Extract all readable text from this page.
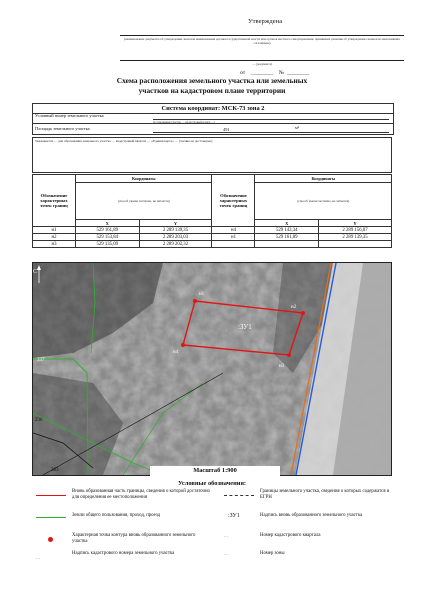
Утверждена
(наименование документа об утверждении, включая наименования органов государственной власти или органов местного самоуправления, принявших решение об утверждении схемы или заключивших соглашение)
… (документа)
от    ________    №  ________
Схема расположения земельного участка или земельных
участков на кадастровом плане территории
Система координат: МСК-73 зона 2
Условный номер земельного участка
(в отношении участка … кадастровый номер …)
Площадь земельного участка	491	м²
Указывается … для образования земельного участка … кадастровый квартал … «Единая карта» … (чтение не достоверно)
Обозначение характерных точек границ	Координаты		Обозначение характерных точек границ	Координаты	
	(способ указан частично, не читается)			(способ указан частично, не читается)	
	X	Y		X	Y
н1	529 161,89	2 289 139,35	н4	529 143,34	2 289 156,07
н2	529 153,84	2 289 203,03	н1	529 161,89	2 289 139,35
н3	529 135,09	2 289 202,32			
:ЗУ1
н1
н2
н3
н4
…
337
236
283
С
Масштаб 1:900
Условные обозначения:
Вновь образованная часть границы, сведения о которой достаточно для определения ее местоположения
Границы земельного участка, сведения о которых содержатся в ЕГРН
Земли общего пользования, проход, проезд	:ЗУ1	Надпись вновь образованного земельного участка
Характерная точка контура вновь образованного земельного участка
…	Номер кадастрового квартала
…
Надпись кадастрового номера земельного участка	…	Номер зоны
